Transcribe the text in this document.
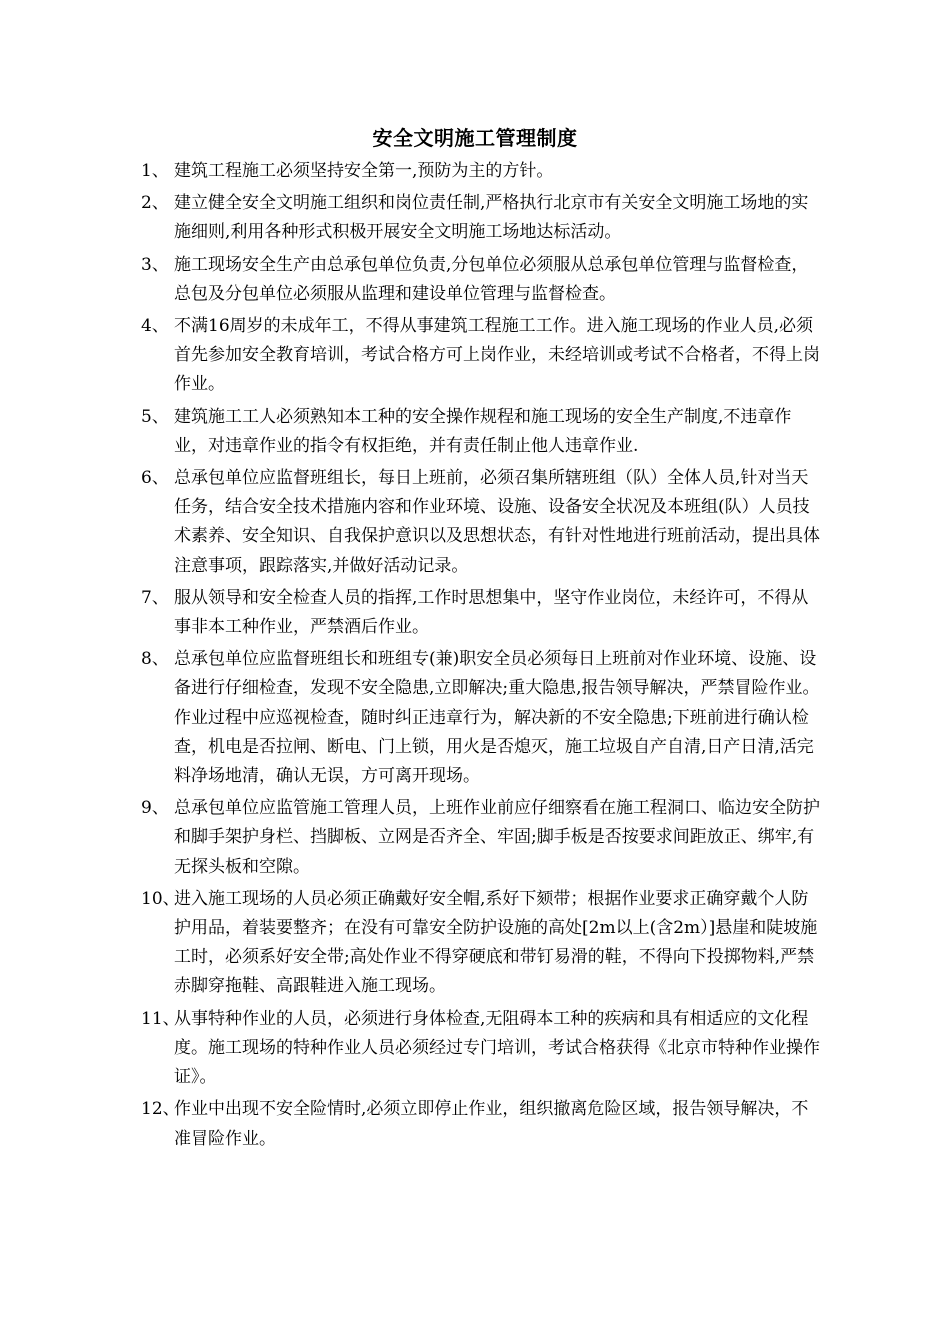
安全文明施工管理制度
1、 建筑工程施工必须坚持安全第一,预防为主的方针。
2、 建立健全安全文明施工组织和岗位责任制,严格执行北京市有关安全文明施工场地的实施细则,利用各种形式积极开展安全文明施工场地达标活动。
3、 施工现场安全生产由总承包单位负责,分包单位必须服从总承包单位管理与监督检查，总包及分包单位必须服从监理和建设单位管理与监督检查。
4、 不满16周岁的未成年工，不得从事建筑工程施工工作。进入施工现场的作业人员,必须首先参加安全教育培训，考试合格方可上岗作业，未经培训或考试不合格者，不得上岗作业。
5、 建筑施工工人必须熟知本工种的安全操作规程和施工现场的安全生产制度,不违章作业，对违章作业的指令有权拒绝，并有责任制止他人违章作业.
6、 总承包单位应监督班组长，每日上班前，必须召集所辖班组（队）全体人员,针对当天任务，结合安全技术措施内容和作业环境、设施、设备安全状况及本班组(队）人员技术素养、安全知识、自我保护意识以及思想状态，有针对性地进行班前活动，提出具体注意事项，跟踪落实,并做好活动记录。
7、 服从领导和安全检查人员的指挥,工作时思想集中，坚守作业岗位，未经许可，不得从事非本工种作业，严禁酒后作业。
8、 总承包单位应监督班组长和班组专(兼)职安全员必须每日上班前对作业环境、设施、设备进行仔细检查，发现不安全隐患,立即解决;重大隐患,报告领导解决，严禁冒险作业。作业过程中应巡视检查，随时纠正违章行为，解决新的不安全隐患;下班前进行确认检查，机电是否拉闸、断电、门上锁，用火是否熄灭，施工垃圾自产自清,日产日清,活完料净场地清，确认无误，方可离开现场。
9、 总承包单位应监管施工管理人员，上班作业前应仔细察看在施工程洞口、临边安全防护和脚手架护身栏、挡脚板、立网是否齐全、牢固;脚手板是否按要求间距放正、绑牢,有无探头板和空隙。
10、
进入施工现场的人员必须正确戴好安全帽,系好下颏带；根据作业要求正确穿戴个人防护用品，着装要整齐；在没有可靠安全防护设施的高处[2m以上(含2m）]悬崖和陡坡施工时，必须系好安全带;高处作业不得穿硬底和带钉易滑的鞋，不得向下投掷物料,严禁赤脚穿拖鞋、高跟鞋进入施工现场。
11、
从事特种作业的人员，必须进行身体检查,无阻碍本工种的疾病和具有相适应的文化程度。施工现场的特种作业人员必须经过专门培训，考试合格获得《北京市特种作业操作证》。
12、
作业中出现不安全险情时,必须立即停止作业，组织撤离危险区域，报告领导解决，不准冒险作业。
